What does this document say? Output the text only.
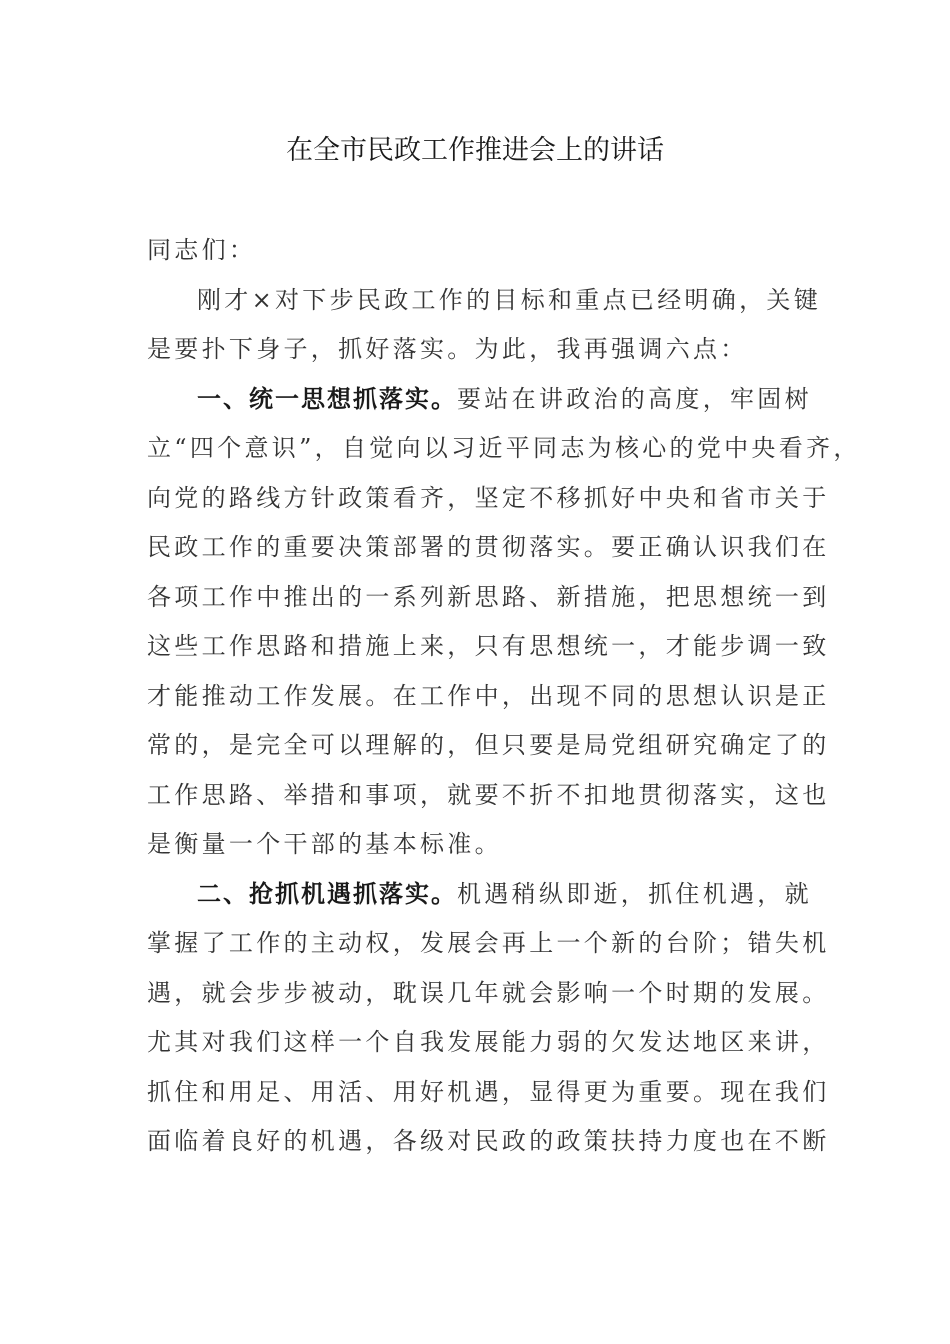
在全市民政工作推进会上的讲话
同志们：
刚才×对下步民政工作的目标和重点已经明确，关键
是要扑下身子，抓好落实。为此，我再强调六点：
一、统一思想抓落实。要站在讲政治的高度，牢固树
立“四个意识”，自觉向以习近平同志为核心的党中央看齐，
向党的路线方针政策看齐，坚定不移抓好中央和省市关于
民政工作的重要决策部署的贯彻落实。要正确认识我们在
各项工作中推出的一系列新思路、新措施，把思想统一到
这些工作思路和措施上来，只有思想统一，才能步调一致
才能推动工作发展。在工作中，出现不同的思想认识是正
常的，是完全可以理解的，但只要是局党组研究确定了的
工作思路、举措和事项，就要不折不扣地贯彻落实，这也
是衡量一个干部的基本标准。
二、抢抓机遇抓落实。机遇稍纵即逝，抓住机遇，就
掌握了工作的主动权，发展会再上一个新的台阶；错失机
遇，就会步步被动，耽误几年就会影响一个时期的发展。
尤其对我们这样一个自我发展能力弱的欠发达地区来讲，
抓住和用足、用活、用好机遇，显得更为重要。现在我们
面临着良好的机遇，各级对民政的政策扶持力度也在不断
